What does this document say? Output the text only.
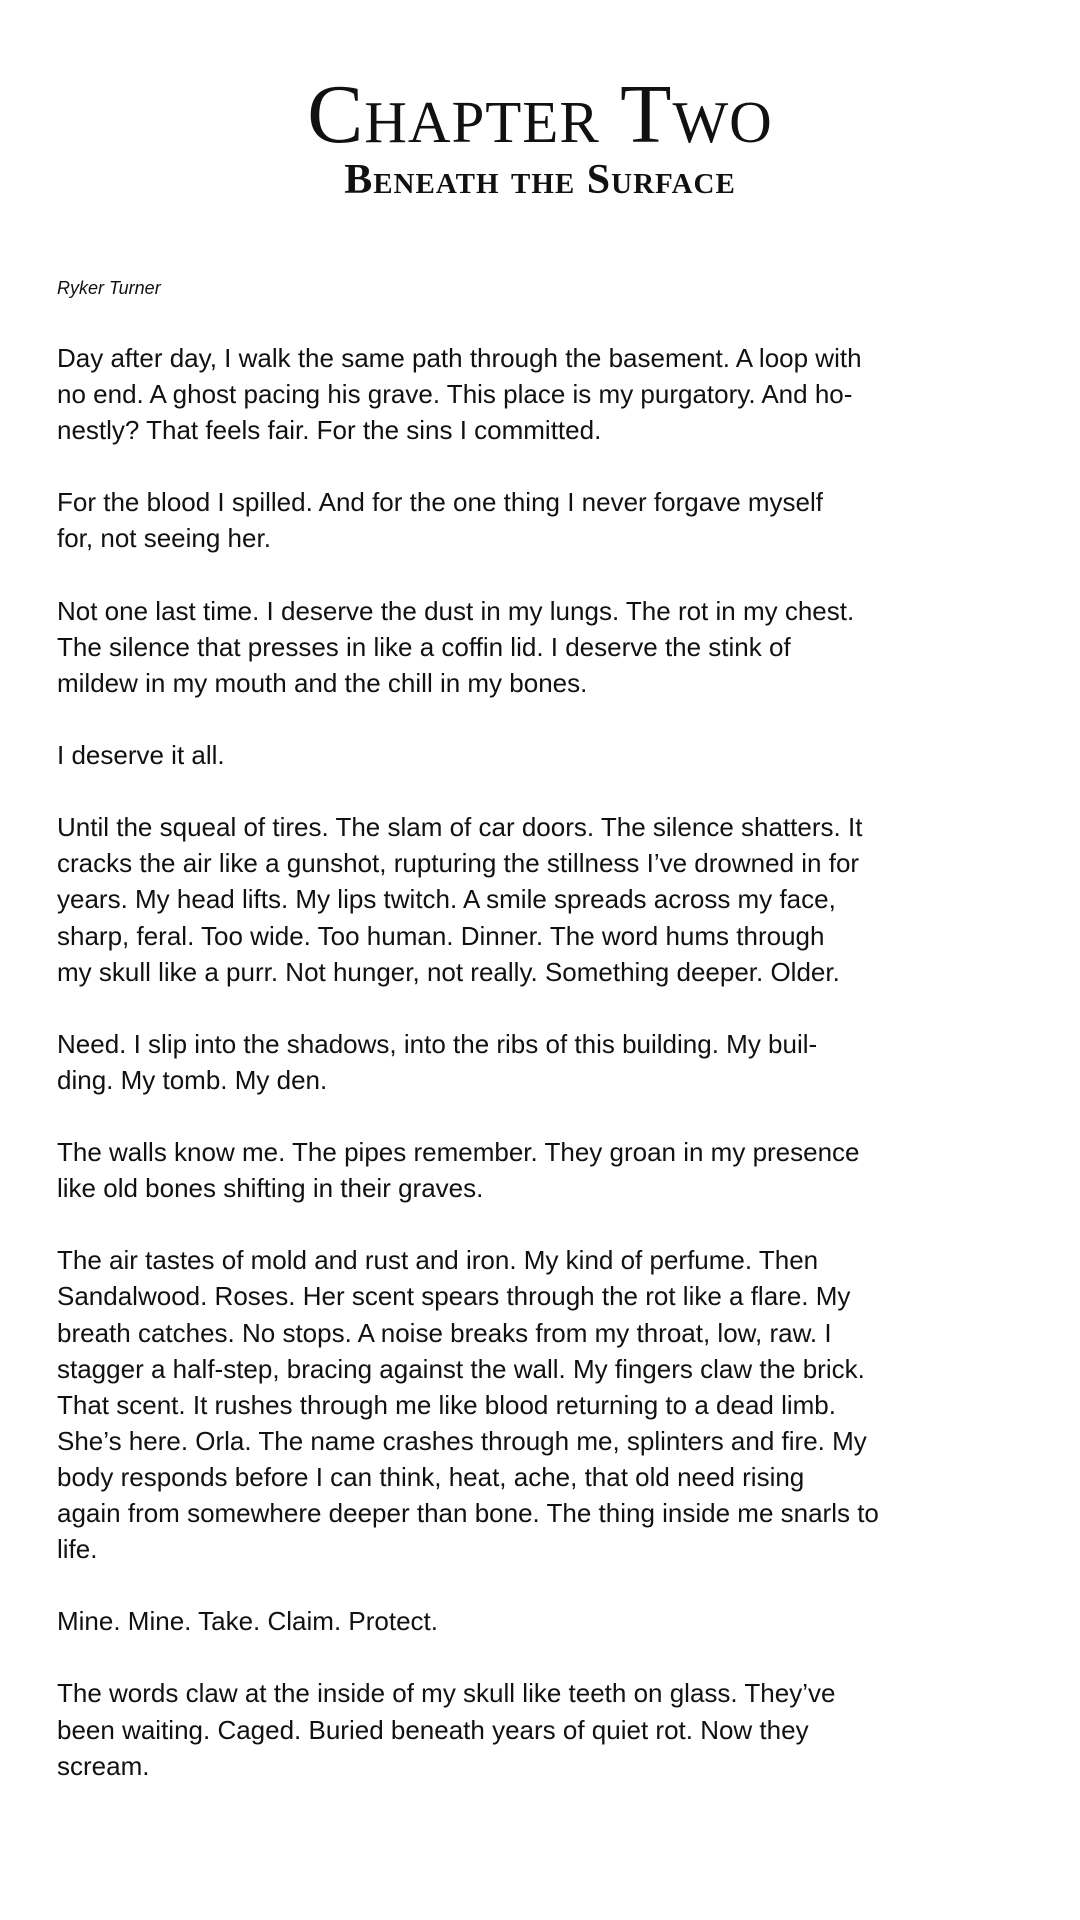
Chapter Two
Beneath the Surface
Ryker Turner

Day after day, I walk the same path through the basement. A loop with
no end. A ghost pacing his grave. This place is my purgatory. And ho-
nestly? That feels fair. For the sins I committed.

For the blood I spilled. And for the one thing I never forgave myself
for, not seeing her.

Not one last time. I deserve the dust in my lungs. The rot in my chest.
The silence that presses in like a coffin lid. I deserve the stink of
mildew in my mouth and the chill in my bones.

I deserve it all.

Until the squeal of tires. The slam of car doors. The silence shatters. It
cracks the air like a gunshot, rupturing the stillness I’ve drowned in for
years. My head lifts. My lips twitch. A smile spreads across my face,
sharp, feral. Too wide. Too human. Dinner. The word hums through
my skull like a purr. Not hunger, not really. Something deeper. Older.

Need. I slip into the shadows, into the ribs of this building. My buil-
ding. My tomb. My den.

The walls know me. The pipes remember. They groan in my presence
like old bones shifting in their graves.

The air tastes of mold and rust and iron. My kind of perfume. Then
Sandalwood. Roses. Her scent spears through the rot like a flare. My
breath catches. No stops. A noise breaks from my throat, low, raw. I
stagger a half-step, bracing against the wall. My fingers claw the brick.
That scent. It rushes through me like blood returning to a dead limb.
She’s here. Orla. The name crashes through me, splinters and fire. My
body responds before I can think, heat, ache, that old need rising
again from somewhere deeper than bone. The thing inside me snarls to
life.

Mine. Mine. Take. Claim. Protect.

The words claw at the inside of my skull like teeth on glass. They’ve
been waiting. Caged. Buried beneath years of quiet rot. Now they
scream.
